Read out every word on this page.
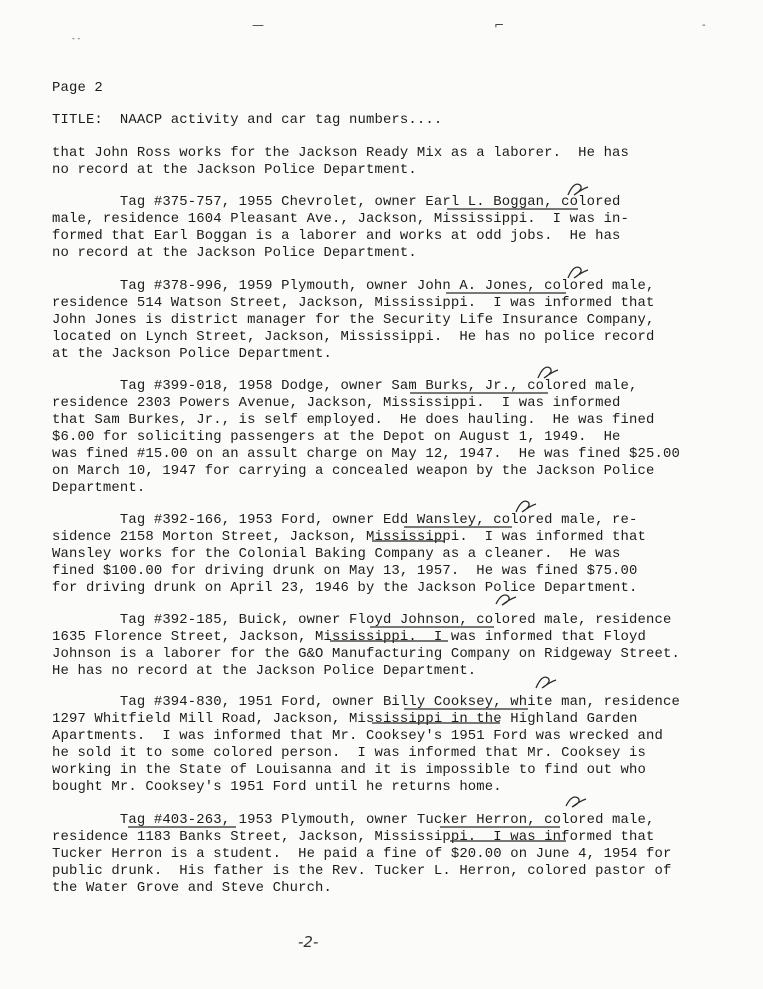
—	⌐	-
- -
Page 2
TITLE:  NAACP activity and car tag numbers....
that John Ross works for the Jackson Ready Mix as a laborer.  He has
no record at the Jackson Police Department.
Tag #375-757, 1955 Chevrolet, owner Earl L. Boggan, colored
male, residence 1604 Pleasant Ave., Jackson, Mississippi.  I was in-
formed that Earl Boggan is a laborer and works at odd jobs.  He has
no record at the Jackson Police Department.
Tag #378-996, 1959 Plymouth, owner John A. Jones, colored male,
residence 514 Watson Street, Jackson, Mississippi.  I was informed that
John Jones is district manager for the Security Life Insurance Company,
located on Lynch Street, Jackson, Mississippi.  He has no police record
at the Jackson Police Department.
Tag #399-018, 1958 Dodge, owner Sam Burks, Jr., colored male,
residence 2303 Powers Avenue, Jackson, Mississippi.  I was informed
that Sam Burkes, Jr., is self employed.  He does hauling.  He was fined
$6.00 for soliciting passengers at the Depot on August 1, 1949.  He
was fined #15.00 on an assult charge on May 12, 1947.  He was fined $25.00
on March 10, 1947 for carrying a concealed weapon by the Jackson Police
Department.
Tag #392-166, 1953 Ford, owner Edd Wansley, colored male, re-
sidence 2158 Morton Street, Jackson, Mississippi.  I was informed that
Wansley works for the Colonial Baking Company as a cleaner.  He was
fined $100.00 for driving drunk on May 13, 1957.  He was fined $75.00
for driving drunk on April 23, 1946 by the Jackson Police Department.
Tag #392-185, Buick, owner Floyd Johnson, colored male, residence
1635 Florence Street, Jackson, Mississippi.  I was informed that Floyd
Johnson is a laborer for the G&O Manufacturing Company on Ridgeway Street.
He has no record at the Jackson Police Department.
Tag #394-830, 1951 Ford, owner Billy Cooksey, white man, residence
1297 Whitfield Mill Road, Jackson, Mississippi in the Highland Garden
Apartments.  I was informed that Mr. Cooksey's 1951 Ford was wrecked and
he sold it to some colored person.  I was informed that Mr. Cooksey is
working in the State of Louisanna and it is impossible to find out who
bought Mr. Cooksey's 1951 Ford until he returns home.
Tag #403-263, 1953 Plymouth, owner Tucker Herron, colored male,
residence 1183 Banks Street, Jackson, Mississippi.  I was informed that
Tucker Herron is a student.  He paid a fine of $20.00 on June 4, 1954 for
public drunk.  His father is the Rev. Tucker L. Herron, colored pastor of
the Water Grove and Steve Church.
-2-
